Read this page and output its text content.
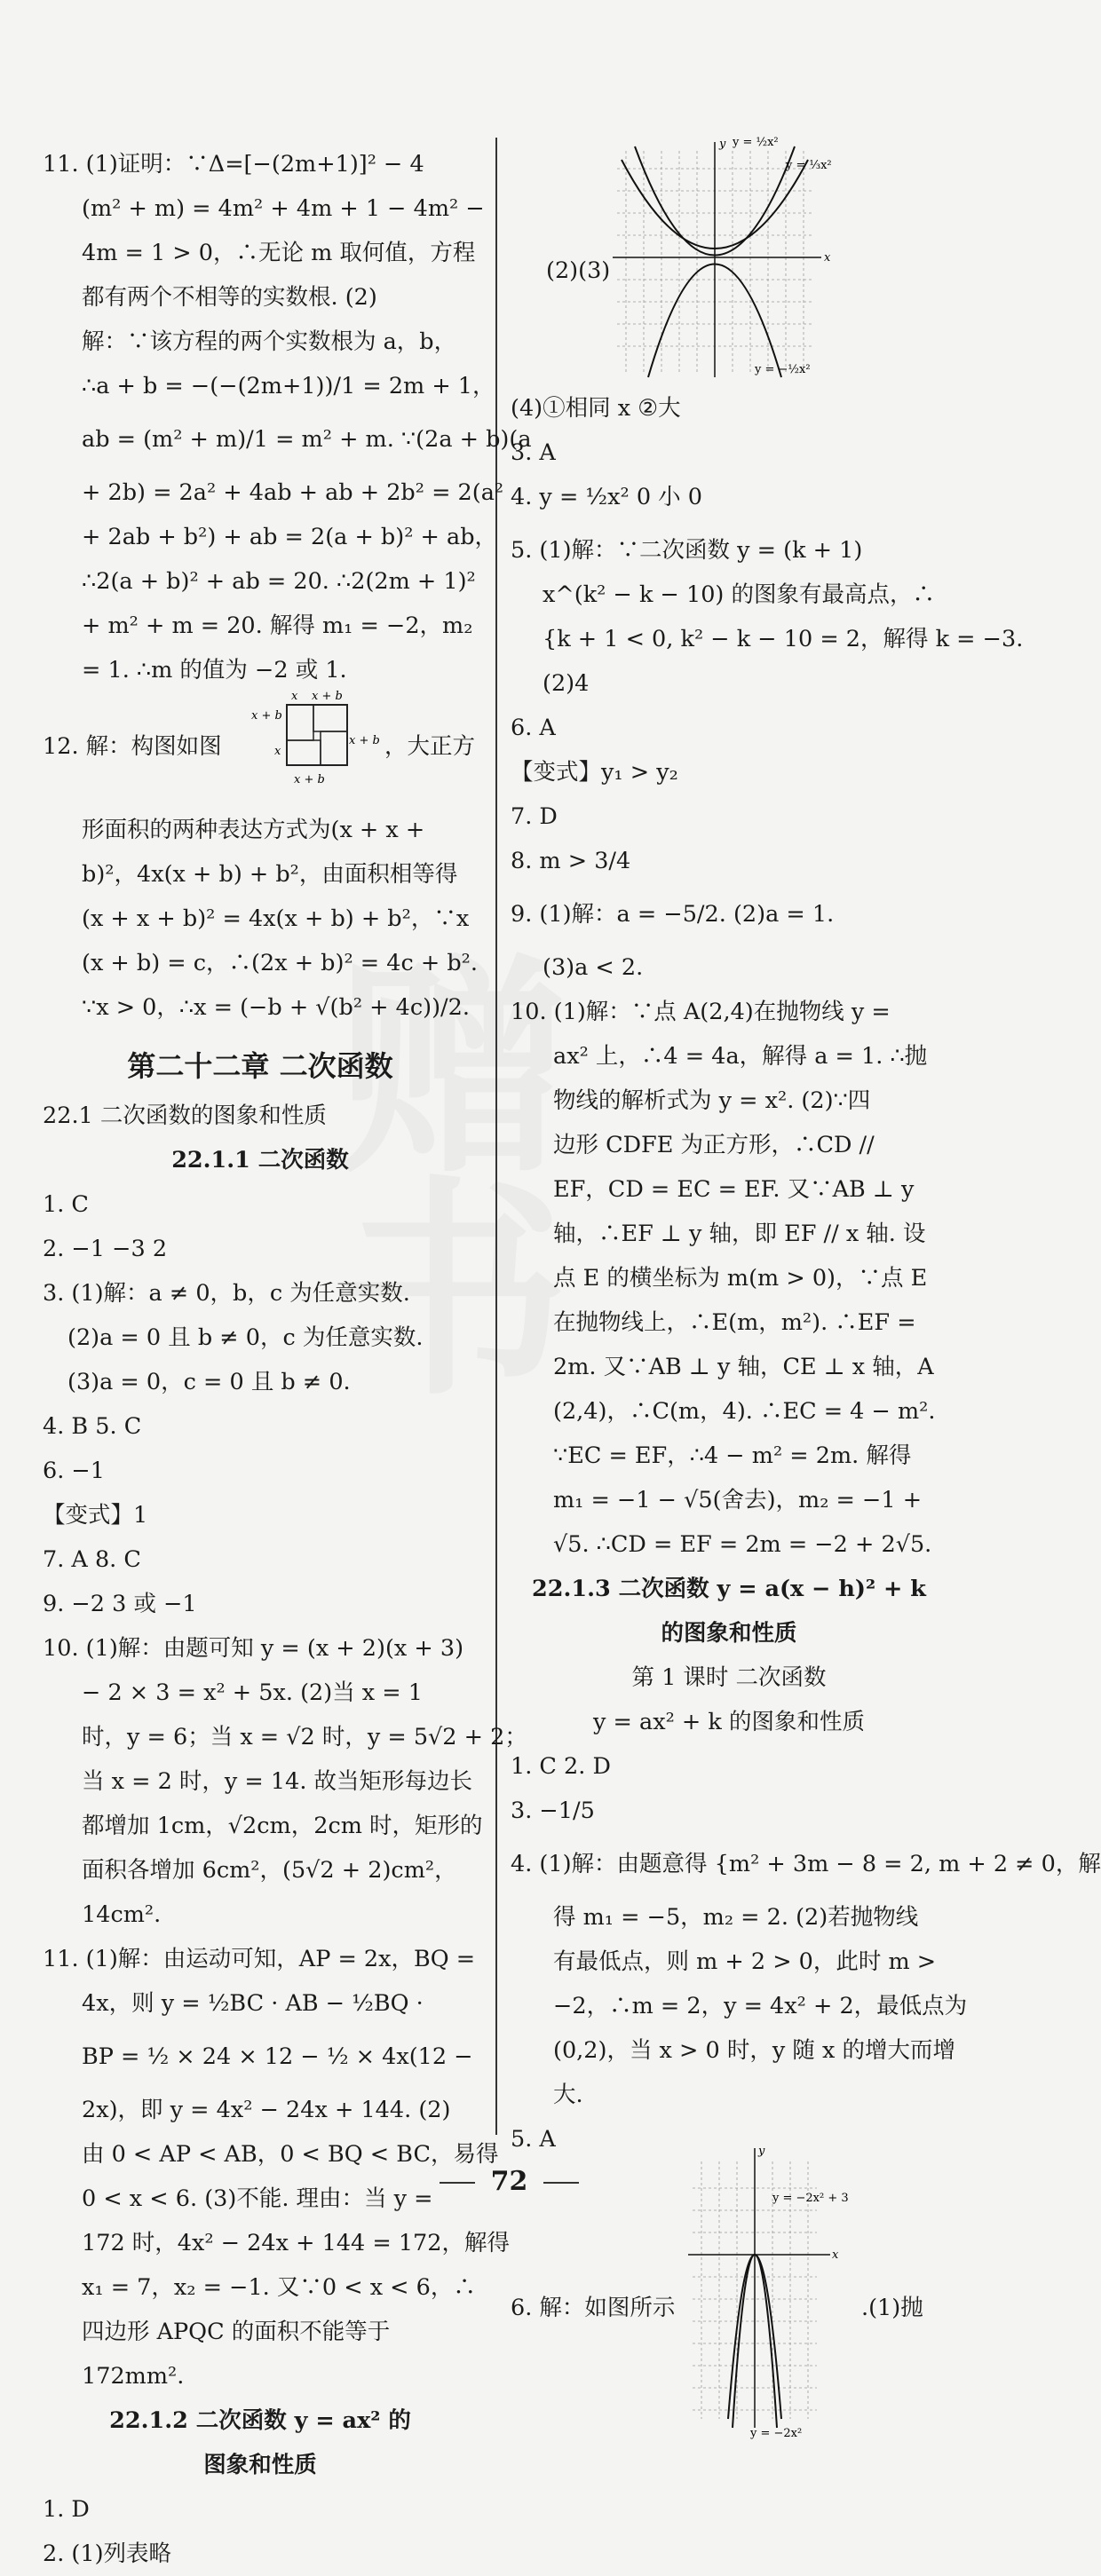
11. (1)证明：∵Δ=[−(2m+1)]² − 4
(m² + m) = 4m² + 4m + 1 − 4m² −
4m = 1 > 0，∴无论 m 取何值，方程
都有两个不相等的实数根. (2)
解：∵该方程的两个实数根为 a，b，
∴a + b = −(−(2m+1))/1 = 2m + 1，
ab = (m² + m)/1 = m² + m. ∵(2a + b)(a
+ 2b) = 2a² + 4ab + ab + 2b² = 2(a²
+ 2ab + b²) + ab = 2(a + b)² + ab，
∴2(a + b)² + ab = 20. ∴2(2m + 1)²
+ m² + m = 20. 解得 m₁ = −2，m₂
= 1. ∴m 的值为 −2 或 1.
12. 解：构图如图
x + b
x
x + b
x
x + b
x + b
，大正方
形面积的两种表达方式为(x + x +
b)²，4x(x + b) + b²，由面积相等得
(x + x + b)² = 4x(x + b) + b²，∵x
(x + b) = c，∴(2x + b)² = 4c + b².
∵x > 0，∴x = (−b + √(b² + 4c))/2.
第二十二章 二次函数
22.1 二次函数的图象和性质
22.1.1 二次函数
1. C
2. −1 −3 2
3. (1)解：a ≠ 0，b，c 为任意实数.
(2)a = 0 且 b ≠ 0，c 为任意实数.
(3)a = 0，c = 0 且 b ≠ 0.
4. B 5. C
6. −1
【变式】1
7. A 8. C
9. −2 3 或 −1
10. (1)解：由题可知 y = (x + 2)(x + 3)
− 2 × 3 = x² + 5x. (2)当 x = 1
时，y = 6；当 x = √2 时，y = 5√2 + 2；
当 x = 2 时，y = 14. 故当矩形每边长
都增加 1cm，√2cm，2cm 时，矩形的
面积各增加 6cm²，(5√2 + 2)cm²，
14cm².
11. (1)解：由运动可知，AP = 2x，BQ =
4x，则 y = ½BC · AB − ½BQ ·
BP = ½ × 24 × 12 − ½ × 4x(12 −
2x)，即 y = 4x² − 24x + 144. (2)
由 0 < AP < AB，0 < BQ < BC，易得
0 < x < 6. (3)不能. 理由：当 y =
172 时，4x² − 24x + 144 = 172，解得
x₁ = 7，x₂ = −1. 又∵0 < x < 6，∴
四边形 APQC 的面积不能等于
172mm².
22.1.2 二次函数 y = ax² 的
图象和性质
1. D
2. (1)列表略
(2)(3)	x
y y = ½x²
y = ⅓x²
y = −½x²
(4)①相同 x ②大
3. A
4. y = ½x² 0 小 0
5. (1)解：∵二次函数 y = (k + 1)
x^(k² − k − 10) 的图象有最高点，∴
{k + 1 < 0, k² − k − 10 = 2，解得 k = −3.
(2)4
6. A
【变式】y₁ > y₂
7. D
8. m > 3/4
9. (1)解：a = −5/2. (2)a = 1.
(3)a < 2.
10. (1)解：∵点 A(2,4)在抛物线 y =
ax² 上，∴4 = 4a，解得 a = 1. ∴抛
物线的解析式为 y = x². (2)∵四
边形 CDFE 为正方形，∴CD //
EF，CD = EC = EF. 又∵AB ⊥ y
轴，∴EF ⊥ y 轴，即 EF // x 轴. 设
点 E 的横坐标为 m(m > 0)，∵点 E
在抛物线上，∴E(m，m²). ∴EF =
2m. 又∵AB ⊥ y 轴，CE ⊥ x 轴，A
(2,4)，∴C(m，4). ∴EC = 4 − m².
∵EC = EF，∴4 − m² = 2m. 解得
m₁ = −1 − √5(舍去)，m₂ = −1 +
√5. ∴CD = EF = 2m = −2 + 2√5.
22.1.3 二次函数 y = a(x − h)² + k
的图象和性质
第 1 课时 二次函数
y = ax² + k 的图象和性质
1. C 2. D
3. −1/5
4. (1)解：由题意得 {m² + 3m − 8 = 2, m + 2 ≠ 0，解
得 m₁ = −5，m₂ = 2. (2)若抛物线
有最低点，则 m + 2 > 0，此时 m >
−2，∴m = 2，y = 4x² + 2，最低点为
(0,2)，当 x > 0 时，y 随 x 的增大而增
大.
5. A
6. 解：如图所示
x
y
y = −2x² + 3
y = −2x²
.(1)抛
72
